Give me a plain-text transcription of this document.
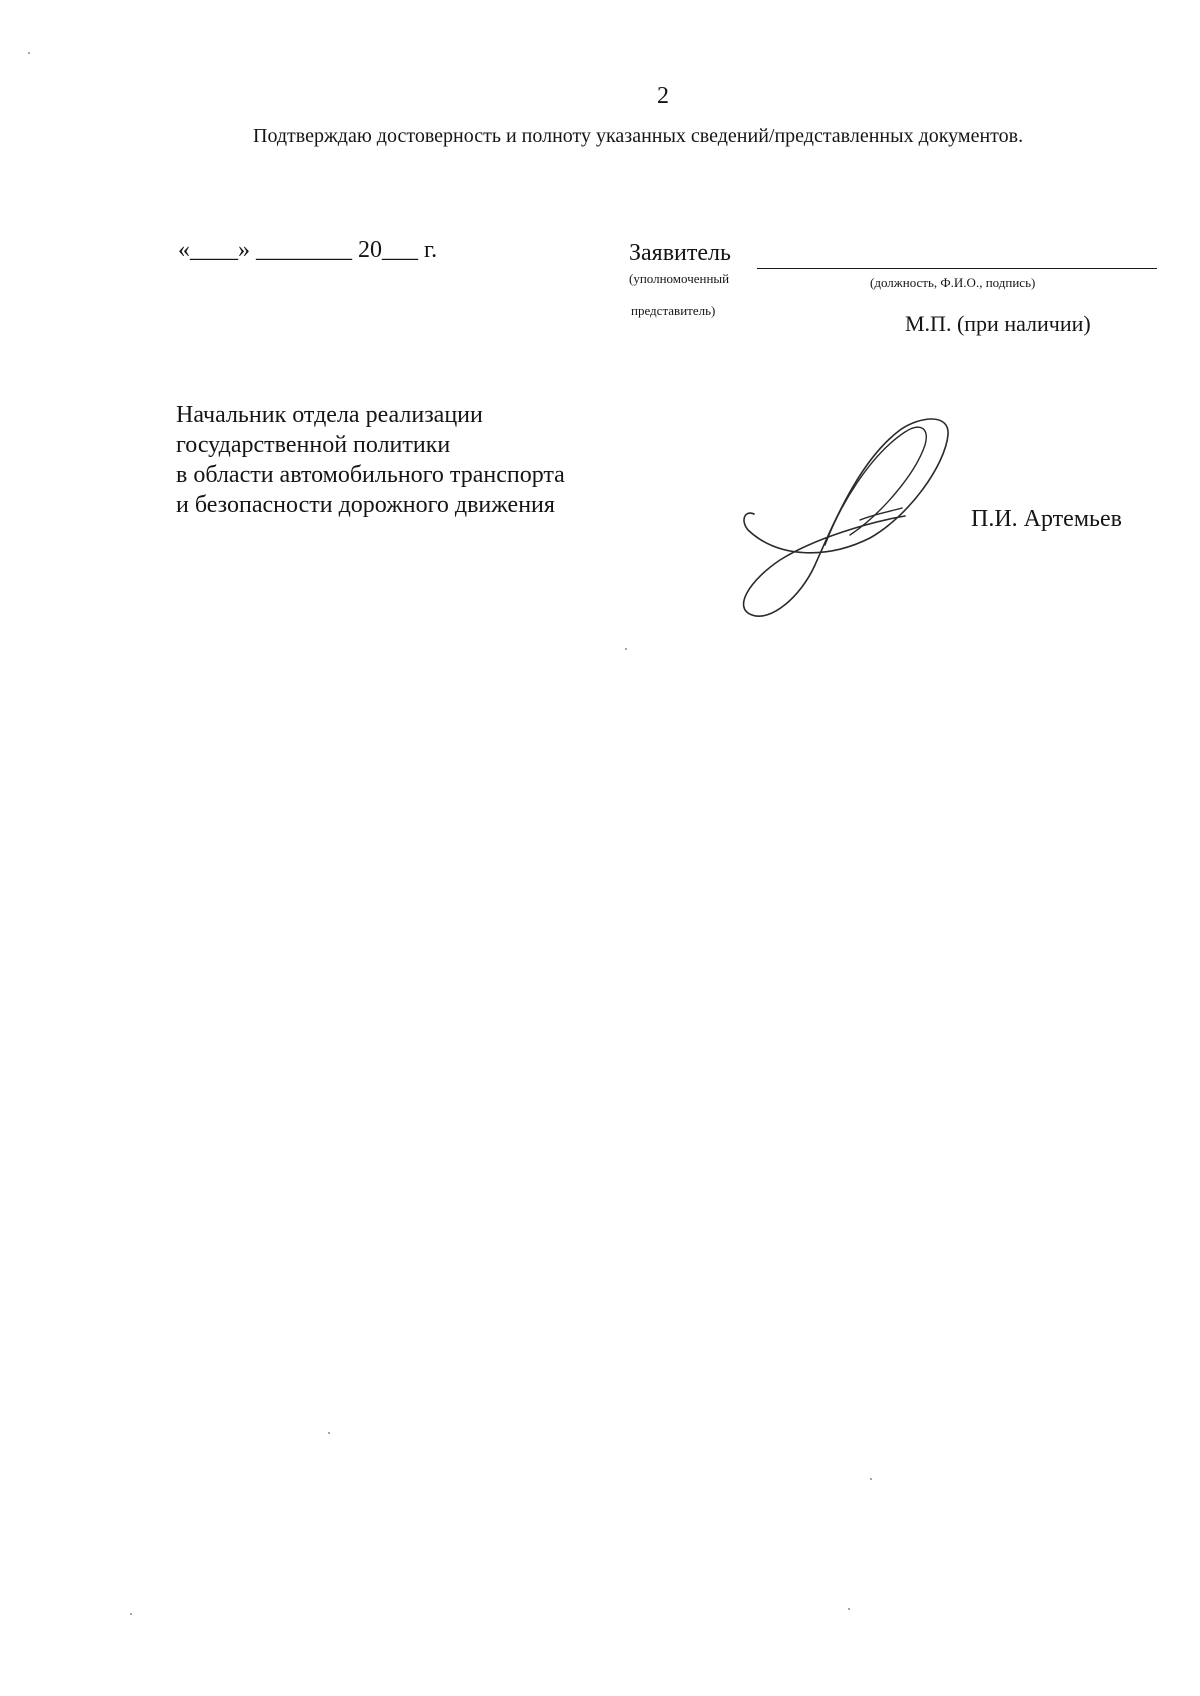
2
Подтверждаю достоверность и полноту указанных сведений/представленных документов.
«____» ________ 20___ г.	Заявитель
(уполномоченный	(должность, Ф.И.О., подпись)
представитель)
М.П. (при наличии)
Начальник отдела реализации
государственной политики
в области автомобильного транспорта
и безопасности дорожного движения
П.И. Артемьев
